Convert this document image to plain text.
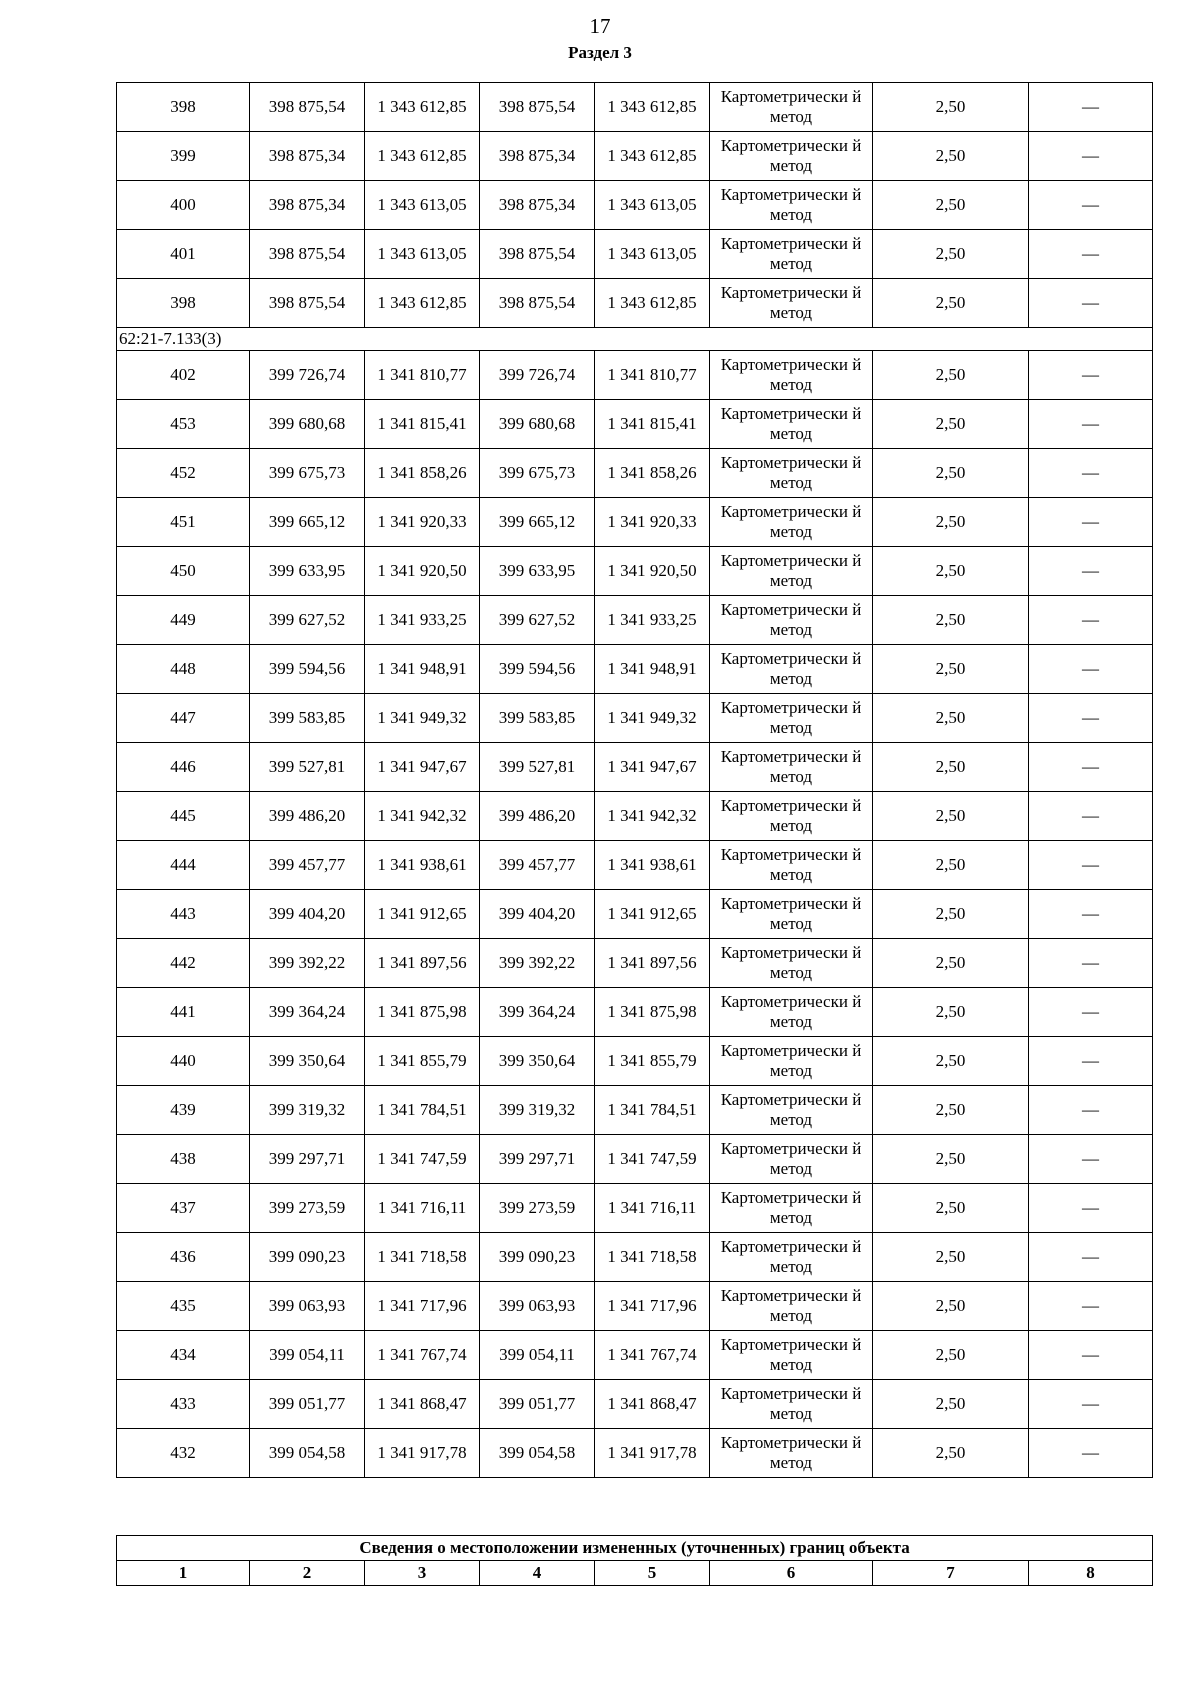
17
Раздел 3
398	398 875,54	1 343 612,85	398 875,54	1 343 612,85	Картометрически й метод	2,50	—
399	398 875,34	1 343 612,85	398 875,34	1 343 612,85	Картометрически й метод	2,50	—
400	398 875,34	1 343 613,05	398 875,34	1 343 613,05	Картометрически й метод	2,50	—
401	398 875,54	1 343 613,05	398 875,54	1 343 613,05	Картометрически й метод	2,50	—
398	398 875,54	1 343 612,85	398 875,54	1 343 612,85	Картометрически й метод	2,50	—
62:21-7.133(3)							
402	399 726,74	1 341 810,77	399 726,74	1 341 810,77	Картометрически й метод	2,50	—
453	399 680,68	1 341 815,41	399 680,68	1 341 815,41	Картометрически й метод	2,50	—
452	399 675,73	1 341 858,26	399 675,73	1 341 858,26	Картометрически й метод	2,50	—
451	399 665,12	1 341 920,33	399 665,12	1 341 920,33	Картометрически й метод	2,50	—
450	399 633,95	1 341 920,50	399 633,95	1 341 920,50	Картометрически й метод	2,50	—
449	399 627,52	1 341 933,25	399 627,52	1 341 933,25	Картометрически й метод	2,50	—
448	399 594,56	1 341 948,91	399 594,56	1 341 948,91	Картометрически й метод	2,50	—
447	399 583,85	1 341 949,32	399 583,85	1 341 949,32	Картометрически й метод	2,50	—
446	399 527,81	1 341 947,67	399 527,81	1 341 947,67	Картометрически й метод	2,50	—
445	399 486,20	1 341 942,32	399 486,20	1 341 942,32	Картометрически й метод	2,50	—
444	399 457,77	1 341 938,61	399 457,77	1 341 938,61	Картометрически й метод	2,50	—
443	399 404,20	1 341 912,65	399 404,20	1 341 912,65	Картометрически й метод	2,50	—
442	399 392,22	1 341 897,56	399 392,22	1 341 897,56	Картометрически й метод	2,50	—
441	399 364,24	1 341 875,98	399 364,24	1 341 875,98	Картометрически й метод	2,50	—
440	399 350,64	1 341 855,79	399 350,64	1 341 855,79	Картометрически й метод	2,50	—
439	399 319,32	1 341 784,51	399 319,32	1 341 784,51	Картометрически й метод	2,50	—
438	399 297,71	1 341 747,59	399 297,71	1 341 747,59	Картометрически й метод	2,50	—
437	399 273,59	1 341 716,11	399 273,59	1 341 716,11	Картометрически й метод	2,50	—
436	399 090,23	1 341 718,58	399 090,23	1 341 718,58	Картометрически й метод	2,50	—
435	399 063,93	1 341 717,96	399 063,93	1 341 717,96	Картометрически й метод	2,50	—
434	399 054,11	1 341 767,74	399 054,11	1 341 767,74	Картометрически й метод	2,50	—
433	399 051,77	1 341 868,47	399 051,77	1 341 868,47	Картометрически й метод	2,50	—
432	399 054,58	1 341 917,78	399 054,58	1 341 917,78	Картометрически й метод	2,50	—
Сведения о местоположении измененных (уточненных) границ объекта
1	2	3	4	5	6	7	8
